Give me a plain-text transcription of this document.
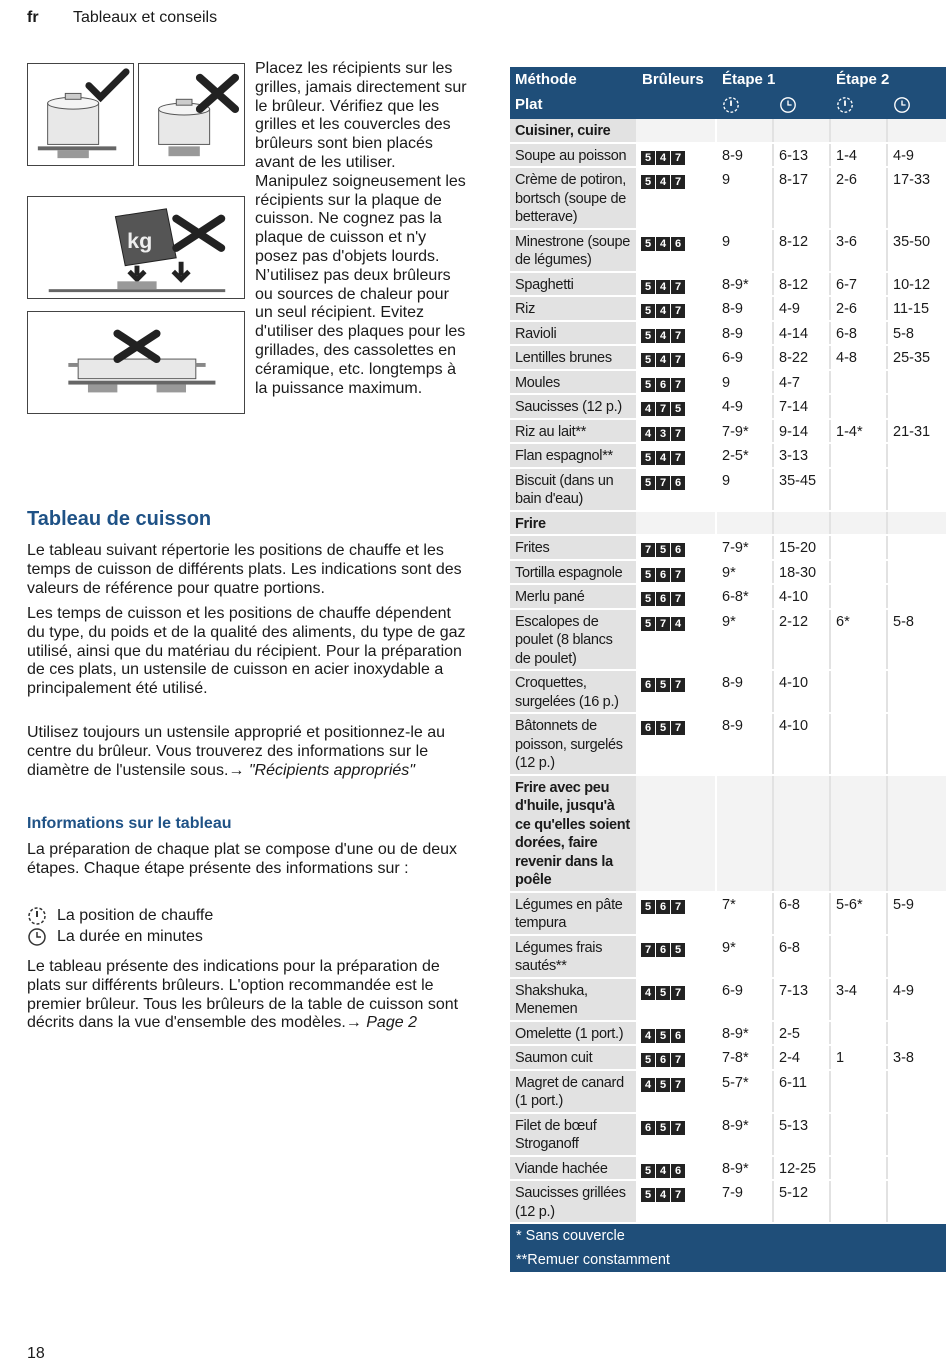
fr Tableaux et conseils
kg
Placez les récipients sur les grilles, jamais directement sur le brûleur. Vérifiez que les grilles et les couvercles des brûleurs sont bien placés avant de les utiliser. Manipulez soigneusement les récipients sur la plaque de cuisson. Ne cognez pas la plaque de cuisson et n'y posez pas d'objets lourds. N’utilisez pas deux brûleurs ou sources de chaleur pour un seul récipient. Evitez d'utiliser des plaques pour les grillades, des cassolettes en céramique, etc. longtemps à la puissance maximum.
Tableau de cuisson
Le tableau suivant répertorie les positions de chauffe et les temps de cuisson de différents plats. Les indications sont des valeurs de référence pour quatre portions.
Les temps de cuisson et les positions de chauffe dépendent du type, du poids et de la qualité des aliments, du type de gaz utilisé, ainsi que du matériau du récipient. Pour la préparation de ces plats, un ustensile de cuisson en acier inoxydable a principalement été utilisé.
Utilisez toujours un ustensile approprié et positionnez-le au centre du brûleur. Vous trouverez des informations sur le diamètre de l'ustensile sous.→ "Récipients appropriés"
Informations sur le tableau
La préparation de chaque plat se compose d'une ou de deux étapes. Chaque étape présente des informations sur :
La position de chauffe
La durée en minutes
Le tableau présente des indications pour la préparation de plats sur différents brûleurs. L'option recommandée est le premier brûleur. Tous les brûleurs de la table de cuisson sont décrits dans la vue d'ensemble des modèles.→ Page 2
Méthode
Plat
Brûleurs Étape 1	Étape 2
Cuisiner, cuire
Soupe au poisson	5 4 7	8-9	6-13	1-4	4-9
Crème de potiron, bortsch (soupe de betterave)
5 4 7	9	8-17	2-6	17-33
Minestrone (soupe de légumes)
5 4 6	9	8-12	3-6	35-50
Spaghetti	5 4 7	8-9*	8-12	6-7	10-12
Riz	5 4 7	8-9	4-9	2-6	11-15
Ravioli	5 4 7	8-9	4-14	6-8	5-8
Lentilles brunes	5 4 7	6-9	8-22	4-8	25-35
Moules	5 6 7	9	4-7
Saucisses (12 p.)	4 7 5	4-9	7-14
Riz au lait**	4 3 7	7-9*	9-14	1-4*	21-31
Flan espagnol**	5 4 7	2-5*	3-13
Biscuit (dans un bain d'eau)
5 7 6	9	35-45
Frire
Frites	7 5 6	7-9*	15-20
Tortilla espagnole	5 6 7	9*	18-30
Merlu pané	5 6 7	6-8*	4-10
Escalopes de poulet (8 blancs de poulet)
5 7 4	9*	2-12	6*	5-8
Croquettes, surgelées (16 p.)
6 5 7	8-9	4-10
Bâtonnets de poisson, surgelés (12 p.)
6 5 7	8-9	4-10
Frire avec peu d'huile, jusqu'à ce qu'elles soient dorées, faire revenir dans la poêle
Légumes en pâte tempura
5 6 7	7*	6-8	5-6*	5-9
Légumes frais sautés**
7 6 5	9*	6-8
Shakshuka, Menemen
4 5 7	6-9	7-13	3-4	4-9
Omelette (1 port.)	4 5 6	8-9*	2-5
Saumon cuit	5 6 7	7-8*	2-4	1	3-8
Magret de canard (1 port.)
4 5 7	5-7*	6-11
Filet de bœuf Stroganoff
6 5 7	8-9*	5-13
Viande hachée	5 4 6	8-9*	12-25
Saucisses grillées (12 p.)
5 4 7	7-9	5-12
* Sans couvercle
**Remuer constamment
18
